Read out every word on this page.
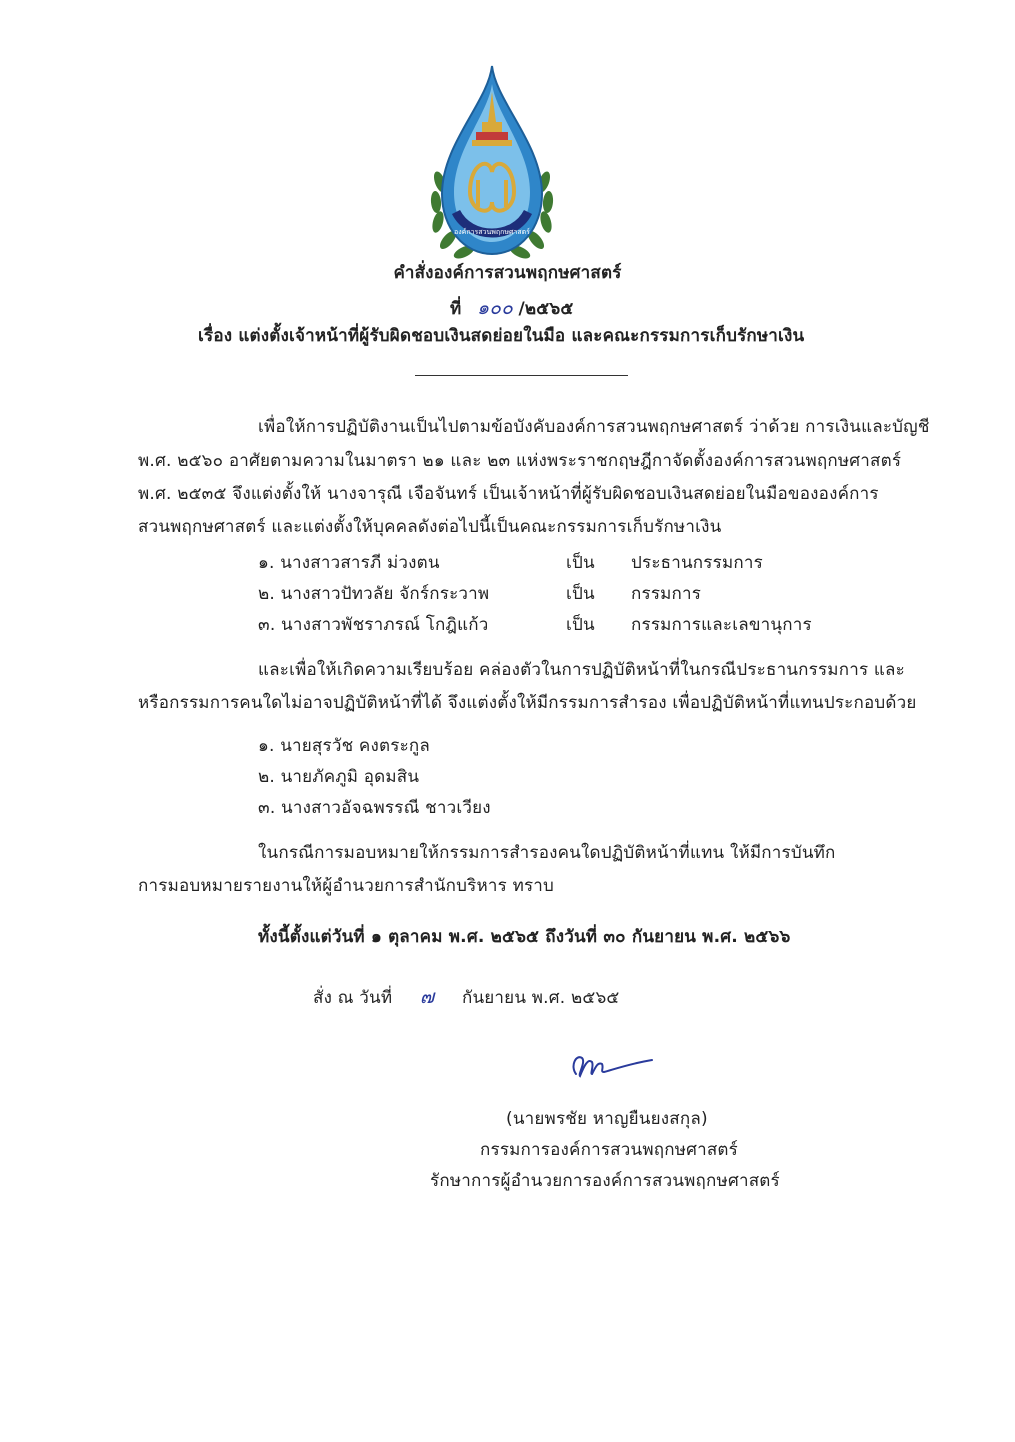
องค์การสวนพฤกษศาสตร์
คำสั่งองค์การสวนพฤกษศาสตร์
ที่ ๑๐๐ /๒๕๖๕
เรื่อง แต่งตั้งเจ้าหน้าที่ผู้รับผิดชอบเงินสดย่อยในมือ และคณะกรรมการเก็บรักษาเงิน
เพื่อให้การปฏิบัติงานเป็นไปตามข้อบังคับองค์การสวนพฤกษศาสตร์ ว่าด้วย การเงินและบัญชี
พ.ศ. ๒๕๖๐ อาศัยตามความในมาตรา ๒๑ และ ๒๓ แห่งพระราชกฤษฎีกาจัดตั้งองค์การสวนพฤกษศาสตร์
พ.ศ. ๒๕๓๕ จึงแต่งตั้งให้ นางจารุณี เจือจันทร์ เป็นเจ้าหน้าที่ผู้รับผิดชอบเงินสดย่อยในมือขององค์การ
สวนพฤกษศาสตร์ และแต่งตั้งให้บุคคลดังต่อไปนี้เป็นคณะกรรมการเก็บรักษาเงิน
๑. นางสาวสารภี ม่วงตน	เป็น ประธานกรรมการ
๒. นางสาวปัทวลัย จักร์กระวาพ	เป็น กรรมการ
๓. นางสาวพัชราภรณ์ โกฎิแก้ว	เป็น กรรมการและเลขานุการ
และเพื่อให้เกิดความเรียบร้อย คล่องตัวในการปฏิบัติหน้าที่ในกรณีประธานกรรมการ และ
หรือกรรมการคนใดไม่อาจปฏิบัติหน้าที่ได้ จึงแต่งตั้งให้มีกรรมการสำรอง เพื่อปฏิบัติหน้าที่แทนประกอบด้วย
๑. นายสุรวัช คงตระกูล
๒. นายภัคภูมิ อุดมสิน
๓. นางสาวอัจฉพรรณี ชาวเวียง
ในกรณีการมอบหมายให้กรรมการสำรองคนใดปฏิบัติหน้าที่แทน ให้มีการบันทึก
การมอบหมายรายงานให้ผู้อำนวยการสำนักบริหาร ทราบ
ทั้งนี้ตั้งแต่วันที่ ๑ ตุลาคม พ.ศ. ๒๕๖๕ ถึงวันที่ ๓๐ กันยายน พ.ศ. ๒๕๖๖
สั่ง ณ วันที่ ๗ กันยายน พ.ศ. ๒๕๖๕
(นายพรชัย หาญยืนยงสกุล)
กรรมการองค์การสวนพฤกษศาสตร์
รักษาการผู้อำนวยการองค์การสวนพฤกษศาสตร์
